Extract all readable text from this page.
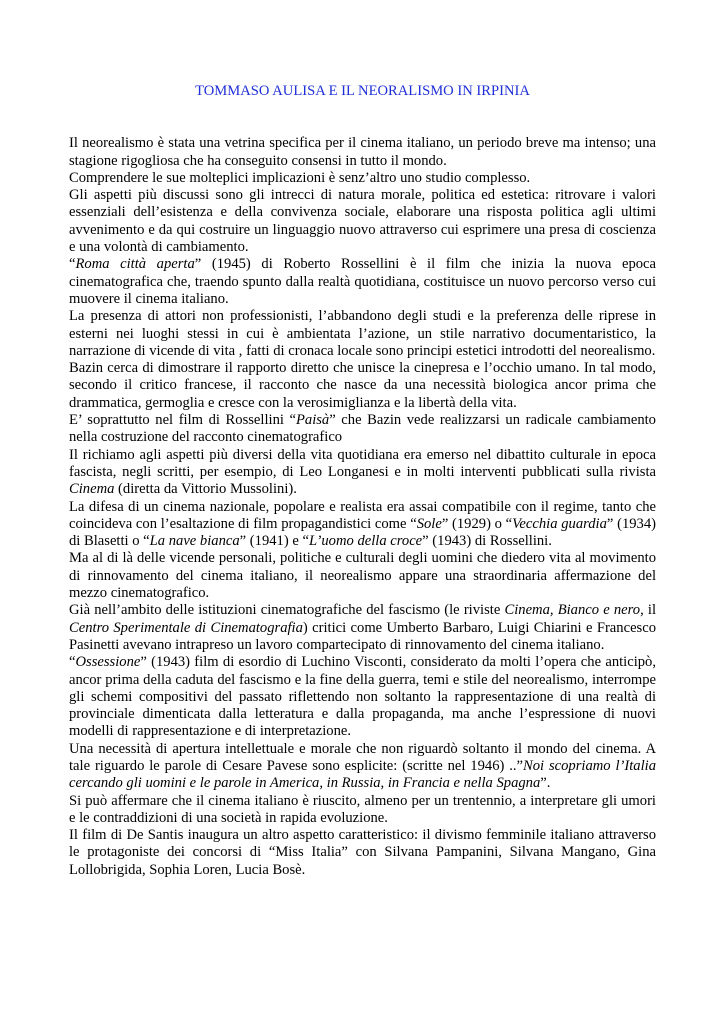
TOMMASO AULISA E IL NEORALISMO IN IRPINIA

Il neorealismo è stata una vetrina specifica per il cinema italiano, un periodo breve ma intenso; una stagione rigogliosa che ha conseguito consensi in tutto il mondo.

Comprendere le sue molteplici implicazioni è senz’altro uno studio complesso.

Gli aspetti più discussi sono gli intrecci di natura morale, politica ed estetica: ritrovare i valori essenziali dell’esistenza e della convivenza sociale, elaborare una risposta politica agli ultimi avvenimento e da qui costruire un linguaggio nuovo attraverso cui esprimere una presa di coscienza e una volontà di cambiamento.

“Roma città aperta” (1945) di Roberto Rossellini è il film che inizia la nuova epoca cinematografica che, traendo spunto dalla realtà quotidiana, costituisce un nuovo percorso verso cui muovere il cinema italiano.

La presenza di attori non professionisti, l’abbandono degli studi e la preferenza delle riprese in esterni nei luoghi stessi in cui è ambientata l’azione, un stile narrativo documentaristico, la narrazione di vicende di vita , fatti di cronaca locale sono principi estetici introdotti del neorealismo.

Bazin cerca di dimostrare il rapporto diretto che unisce la cinepresa e l’occhio umano. In tal modo, secondo il critico francese, il racconto che nasce da una necessità biologica ancor prima che drammatica, germoglia e cresce con la verosimiglianza e la libertà della vita.

E’ soprattutto nel film di Rossellini “Paisà” che Bazin vede realizzarsi un radicale cambiamento nella costruzione del racconto cinematografico

Il richiamo agli aspetti più diversi della vita quotidiana era emerso nel dibattito culturale in epoca fascista, negli scritti, per esempio, di Leo Longanesi e in molti interventi pubblicati sulla rivista Cinema (diretta da Vittorio Mussolini).

La difesa di un cinema nazionale, popolare e realista era assai compatibile con il regime, tanto che coincideva con l’esaltazione di film propagandistici come “Sole” (1929) o “Vecchia guardia” (1934) di Blasetti o “La nave bianca” (1941) e “L’uomo della croce” (1943) di Rossellini.

Ma al di là delle vicende personali, politiche e culturali degli uomini che diedero vita al movimento di rinnovamento del cinema italiano, il neorealismo appare una straordinaria affermazione del mezzo cinematografico.

Già nell’ambito delle istituzioni cinematografiche del fascismo (le riviste Cinema, Bianco e nero, il Centro Sperimentale di Cinematografia) critici come Umberto Barbaro, Luigi Chiarini e Francesco Pasinetti avevano intrapreso un lavoro compartecipato di rinnovamento del cinema italiano.

“Ossessione” (1943) film di esordio di Luchino Visconti, considerato da molti l’opera che anticipò, ancor prima della caduta del fascismo e la fine della guerra, temi e stile del neorealismo, interrompe gli schemi compositivi del passato riflettendo non soltanto la rappresentazione di una realtà di provinciale dimenticata dalla letteratura e dalla propaganda, ma anche l’espressione di nuovi modelli di rappresentazione e di interpretazione.

Una necessità di apertura intellettuale e morale che non riguardò soltanto il mondo del cinema. A tale riguardo le parole di Cesare Pavese sono esplicite: (scritte nel 1946) ..”Noi scopriamo l’Italia cercando gli uomini e le parole in America, in Russia, in Francia e nella Spagna”.

Si può affermare che il cinema italiano è riuscito, almeno per un trentennio, a interpretare gli umori e le contraddizioni di una società in rapida evoluzione.

Il film di De Santis inaugura un altro aspetto caratteristico: il divismo femminile italiano attraverso le protagoniste dei concorsi di “Miss Italia” con Silvana Pampanini, Silvana Mangano, Gina Lollobrigida, Sophia Loren, Lucia Bosè.
